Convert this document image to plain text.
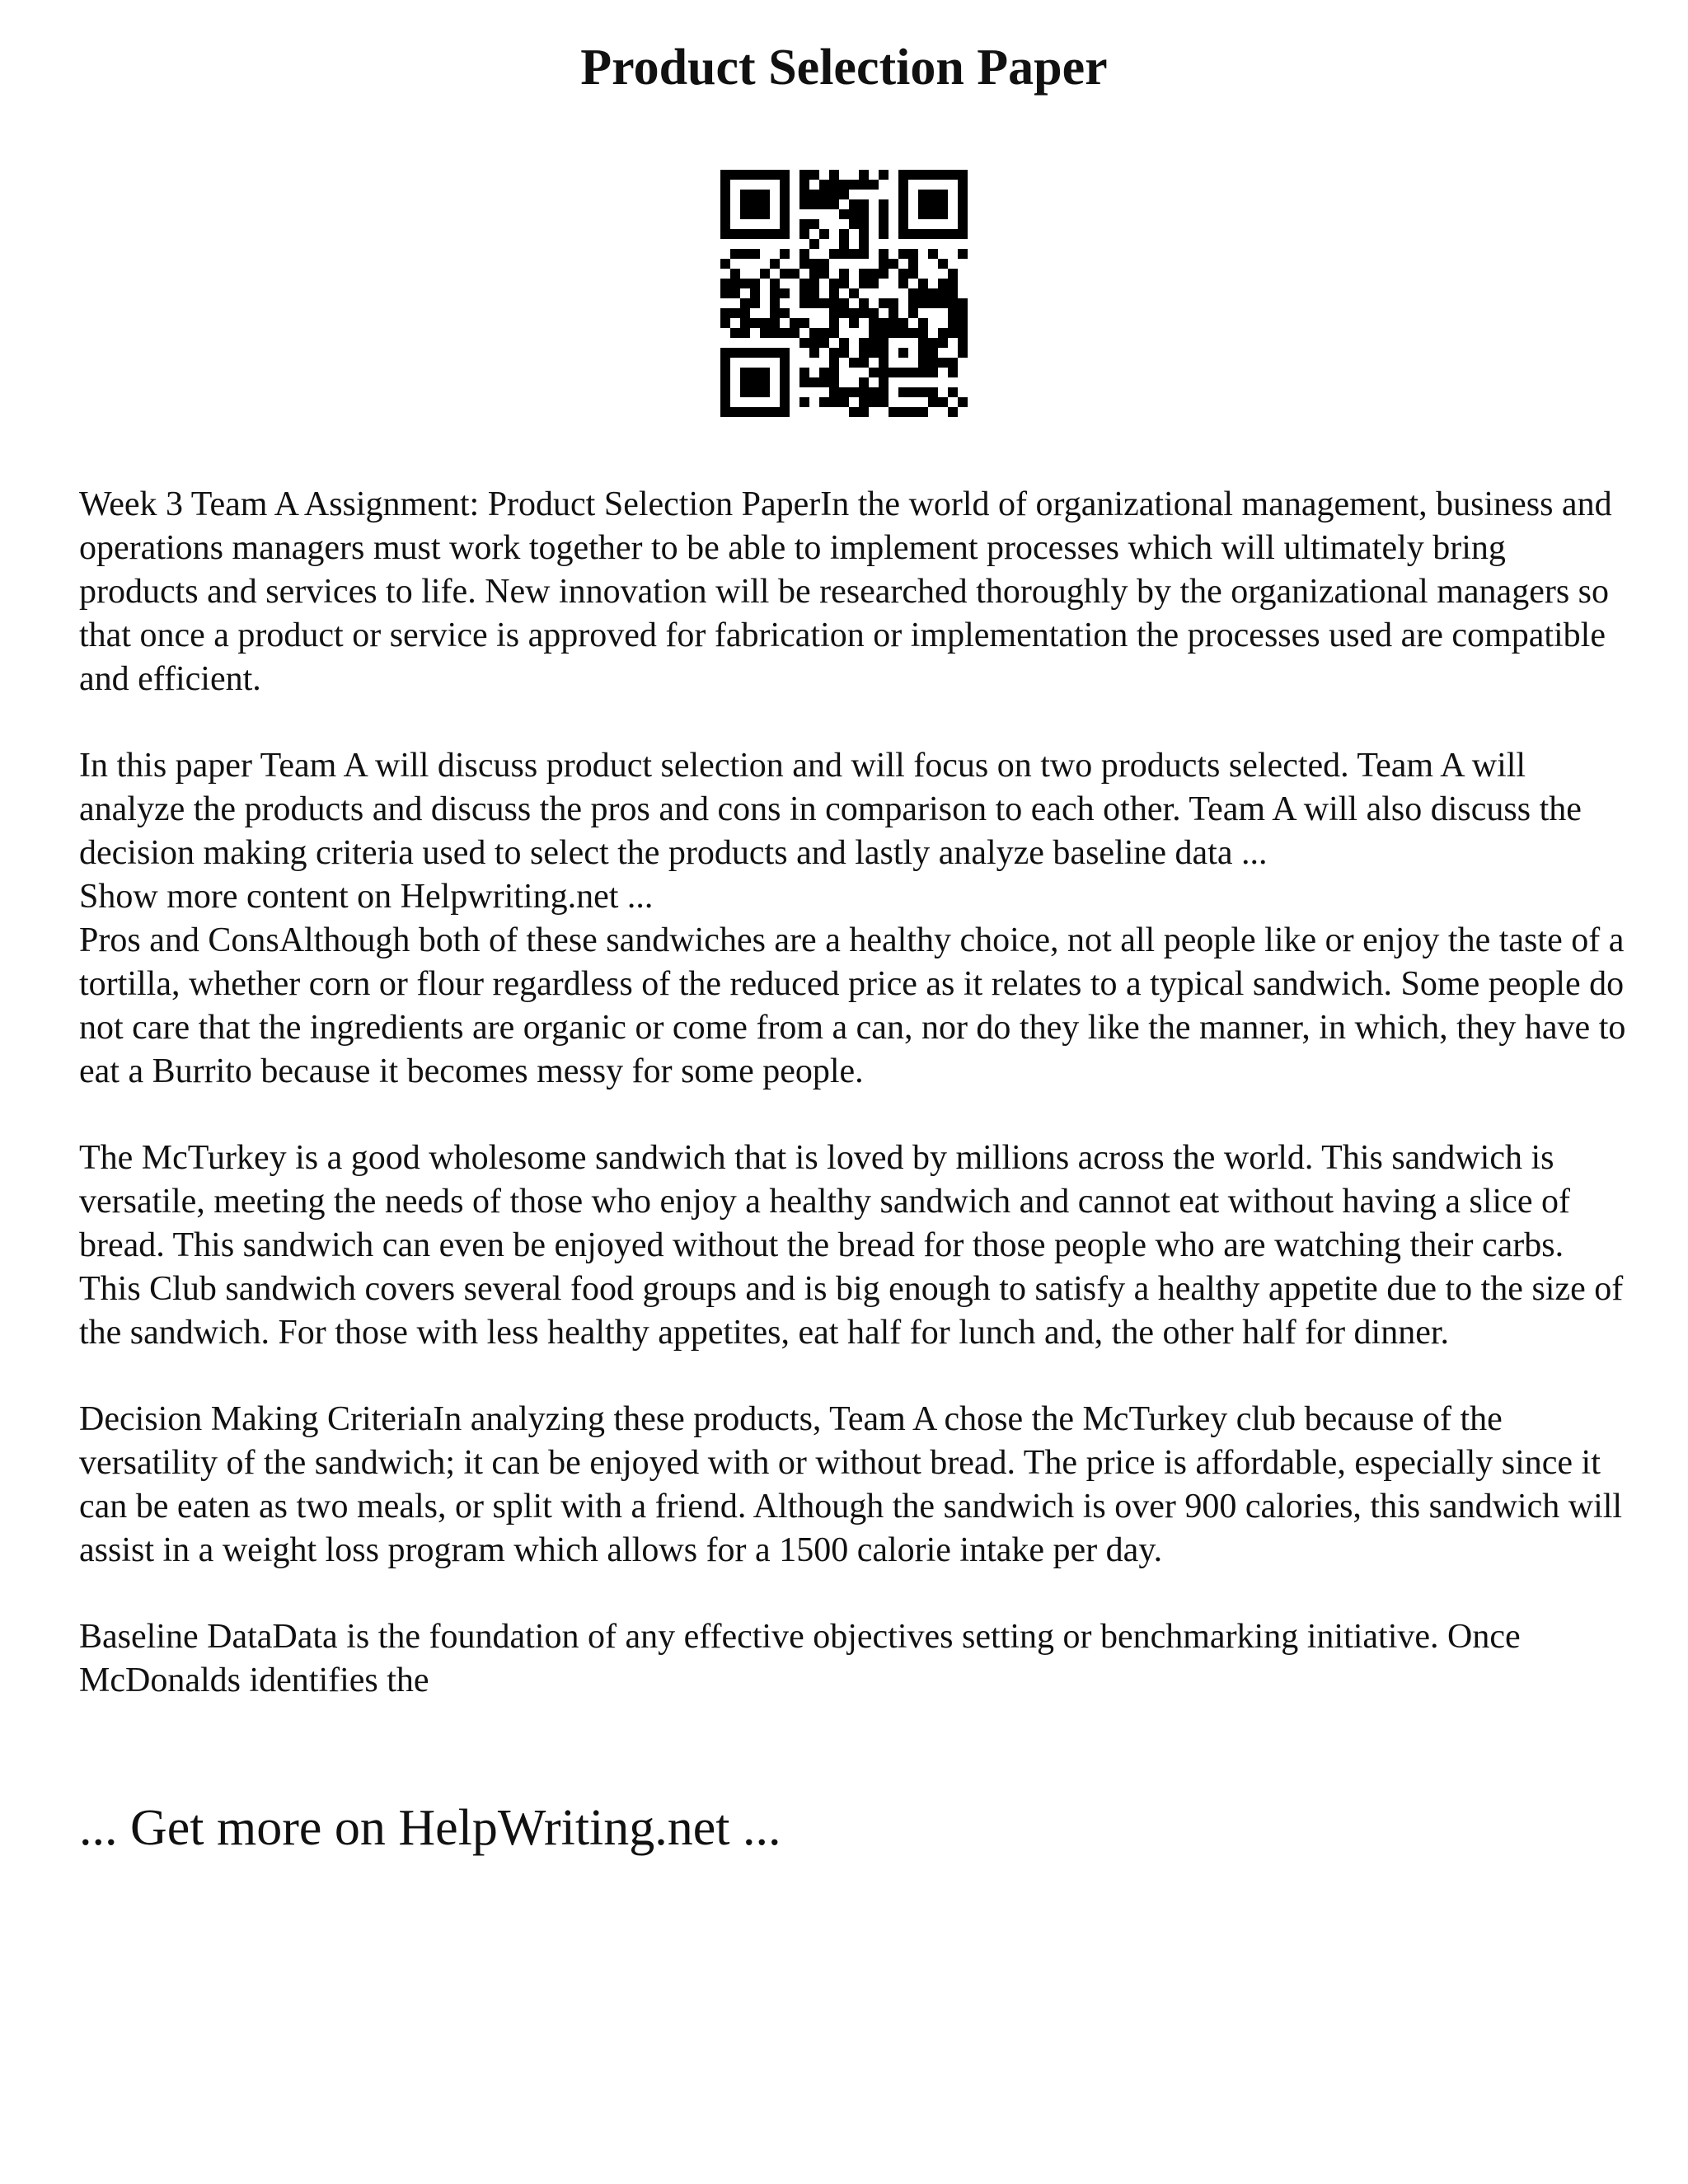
Product Selection Paper

Week 3 Team A Assignment: Product Selection PaperIn the world of organizational management, business and operations managers must work together to be able to implement processes which will ultimately bring products and services to life. New innovation will be researched thoroughly by the organizational managers so that once a product or service is approved for fabrication or implementation the processes used are compatible and efficient.

In this paper Team A will discuss product selection and will focus on two products selected. Team A will analyze the products and discuss the pros and cons in comparison to each other. Team A will also discuss the decision making criteria used to select the products and lastly analyze baseline data ...

Show more content on Helpwriting.net ...

Pros and ConsAlthough both of these sandwiches are a healthy choice, not all people like or enjoy the taste of a tortilla, whether corn or flour regardless of the reduced price as it relates to a typical sandwich. Some people do not care that the ingredients are organic or come from a can, nor do they like the manner, in which, they have to eat a Burrito because it becomes messy for some people.

The McTurkey is a good wholesome sandwich that is loved by millions across the world. This sandwich is versatile, meeting the needs of those who enjoy a healthy sandwich and cannot eat without having a slice of bread. This sandwich can even be enjoyed without the bread for those people who are watching their carbs. This Club sandwich covers several food groups and is big enough to satisfy a healthy appetite due to the size of the sandwich. For those with less healthy appetites, eat half for lunch and, the other half for dinner.

Decision Making CriteriaIn analyzing these products, Team A chose the McTurkey club because of the versatility of the sandwich; it can be enjoyed with or without bread. The price is affordable, especially since it can be eaten as two meals, or split with a friend. Although the sandwich is over 900 calories, this sandwich will assist in a weight loss program which allows for a 1500 calorie intake per day.

Baseline DataData is the foundation of any effective objectives setting or benchmarking initiative. Once McDonalds identifies the

... Get more on HelpWriting.net ...
